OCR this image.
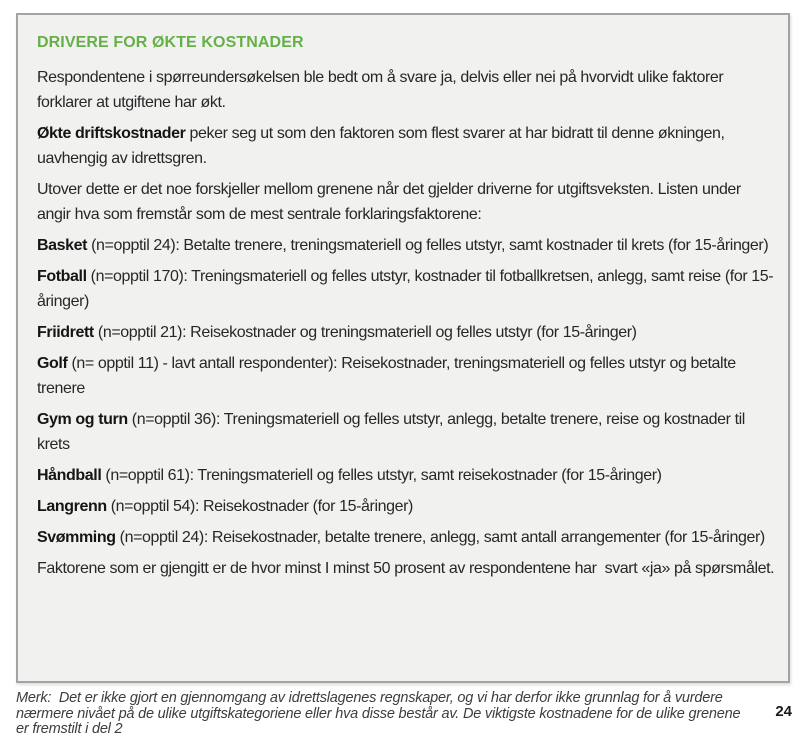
DRIVERE FOR ØKTE KOSTNADER

Respondentene i spørreundersøkelsen ble bedt om å svare ja, delvis eller nei på hvorvidt ulike faktorer forklarer at utgiftene har økt.

Økte driftskostnader peker seg ut som den faktoren som flest svarer at har bidratt til denne økningen, uavhengig av idrettsgren.

Utover dette er det noe forskjeller mellom grenene når det gjelder driverne for utgiftsveksten. Listen under angir hva som fremstår som de mest sentrale forklaringsfaktorene:

Basket (n=opptil 24): Betalte trenere, treningsmateriell og felles utstyr, samt kostnader til krets (for 15-åringer)

Fotball (n=opptil 170): Treningsmateriell og felles utstyr, kostnader til fotballkretsen, anlegg, samt reise (for 15-åringer)

Friidrett (n=opptil 21): Reisekostnader og treningsmateriell og felles utstyr (for 15-åringer)

Golf (n= opptil 11) - lavt antall respondenter): Reisekostnader, treningsmateriell og felles utstyr og betalte trenere

Gym og turn (n=opptil 36): Treningsmateriell og felles utstyr, anlegg, betalte trenere, reise og kostnader til krets

Håndball (n=opptil 61): Treningsmateriell og felles utstyr, samt reisekostnader (for 15-åringer)

Langrenn (n=opptil 54): Reisekostnader (for 15-åringer)

Svømming (n=opptil 24): Reisekostnader, betalte trenere, anlegg, samt antall arrangementer (for 15-åringer)

Faktorene som er gjengitt er de hvor minst I minst 50 prosent av respondentene har  svart «ja» på spørsmålet.

Merk:  Det er ikke gjort en gjennomgang av idrettslagenes regnskaper, og vi har derfor ikke grunnlag for å vurdere nærmere nivået på de ulike utgiftskategoriene eller hva disse består av. De viktigste kostnadene for de ulike grenene er fremstilt i del 2
24
